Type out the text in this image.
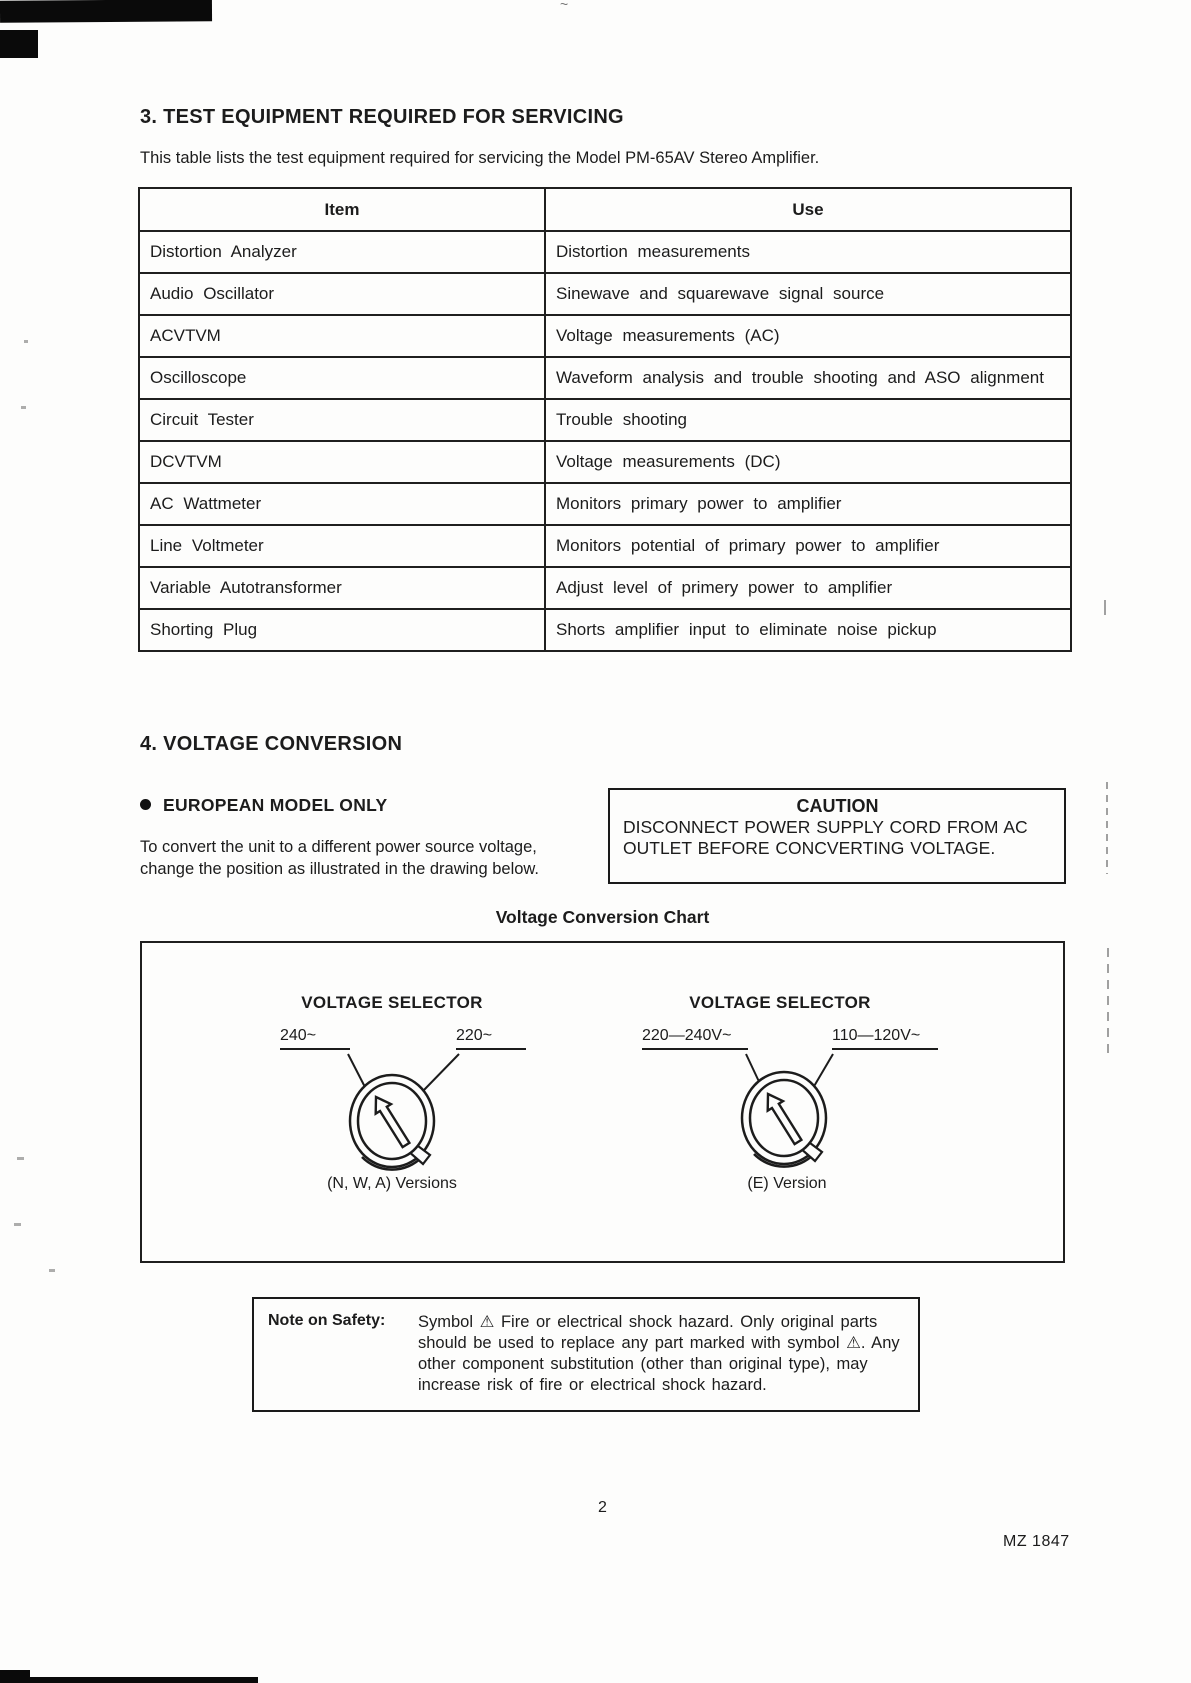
~
3. TEST EQUIPMENT REQUIRED FOR SERVICING
This table lists the test equipment required for servicing the Model PM-65AV Stereo Amplifier.
Item	Use
Distortion Analyzer	Distortion measurements
Audio Oscillator	Sinewave and squarewave signal source
ACVTVM	Voltage measurements (AC)
Oscilloscope	Waveform analysis and trouble shooting and ASO alignment
Circuit Tester	Trouble shooting
DCVTVM	Voltage measurements (DC)
AC Wattmeter	Monitors primary power to amplifier
Line Voltmeter	Monitors potential of primary power to amplifier
Variable Autotransformer	Adjust level of primery power to amplifier
Shorting Plug	Shorts amplifier input to eliminate noise pickup
4. VOLTAGE CONVERSION
EUROPEAN MODEL ONLY
To convert the unit to a different power source voltage, change the position as illustrated in the drawing below.
CAUTION
DISCONNECT POWER SUPPLY CORD FROM AC
OUTLET BEFORE CONCVERTING VOLTAGE.
Voltage Conversion Chart
VOLTAGE SELECTOR	VOLTAGE SELECTOR
240~	220~	220—240V~	110—120V~
(N, W, A) Versions	(E) Version
Note on Safety:	Symbol ⚠ Fire or electrical shock hazard. Only original parts
should be used to replace any part marked with symbol ⚠. Any
other component substitution (other than original type), may
increase risk of fire or electrical shock hazard.
2
MZ 1847
